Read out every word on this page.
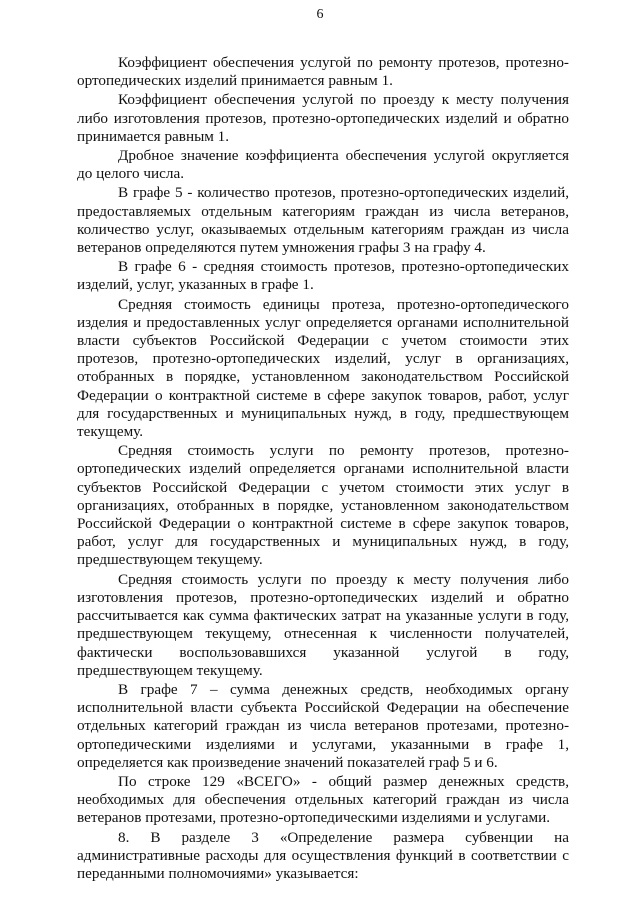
6

Коэффициент обеспечения услугой по ремонту протезов, протезно-ортопедических изделий принимается равным 1.

Коэффициент обеспечения услугой по проезду к месту получения либо изготовления протезов, протезно-ортопедических изделий и обратно принимается равным 1.

Дробное значение коэффициента обеспечения услугой округляется до целого числа.

В графе 5 - количество протезов, протезно-ортопедических изделий, предоставляемых отдельным категориям граждан из числа ветеранов, количество услуг, оказываемых отдельным категориям граждан из числа ветеранов определяются путем умножения графы 3 на графу 4.

В графе 6 - средняя стоимость протезов, протезно-ортопедических изделий, услуг, указанных в графе 1.

Средняя стоимость единицы протеза, протезно-ортопедического изделия и предоставленных услуг определяется органами исполнительной власти субъектов Российской Федерации с учетом стоимости этих протезов, протезно-ортопедических изделий, услуг в организациях, отобранных в порядке, установленном законодательством Российской Федерации о контрактной системе в сфере закупок товаров, работ, услуг для государственных и муниципальных нужд, в году, предшествующем текущему.

Средняя стоимость услуги по ремонту протезов, протезно-ортопедических изделий определяется органами исполнительной власти субъектов Российской Федерации с учетом стоимости этих услуг в организациях, отобранных в порядке, установленном законодательством Российской Федерации о контрактной системе в сфере закупок товаров, работ, услуг для государственных и муниципальных нужд, в году, предшествующем текущему.

Средняя стоимость услуги по проезду к месту получения либо изготовления протезов, протезно-ортопедических изделий и обратно рассчитывается как сумма фактических затрат на указанные услуги в году, предшествующем текущему, отнесенная к численности получателей, фактически воспользовавшихся указанной услугой в году, предшествующем текущему.

В графе 7 – сумма денежных средств, необходимых органу исполнительной власти субъекта Российской Федерации на обеспечение отдельных категорий граждан из числа ветеранов протезами, протезно-ортопедическими изделиями и услугами, указанными в графе 1, определяется как произведение значений показателей граф 5 и 6.

По строке 129 «ВСЕГО» - общий размер денежных средств, необходимых для обеспечения отдельных категорий граждан из числа ветеранов протезами, протезно-ортопедическими изделиями и услугами.

8. В разделе 3 «Определение размера субвенции на административные расходы для осуществления функций в соответствии с переданными полномочиями» указывается:
